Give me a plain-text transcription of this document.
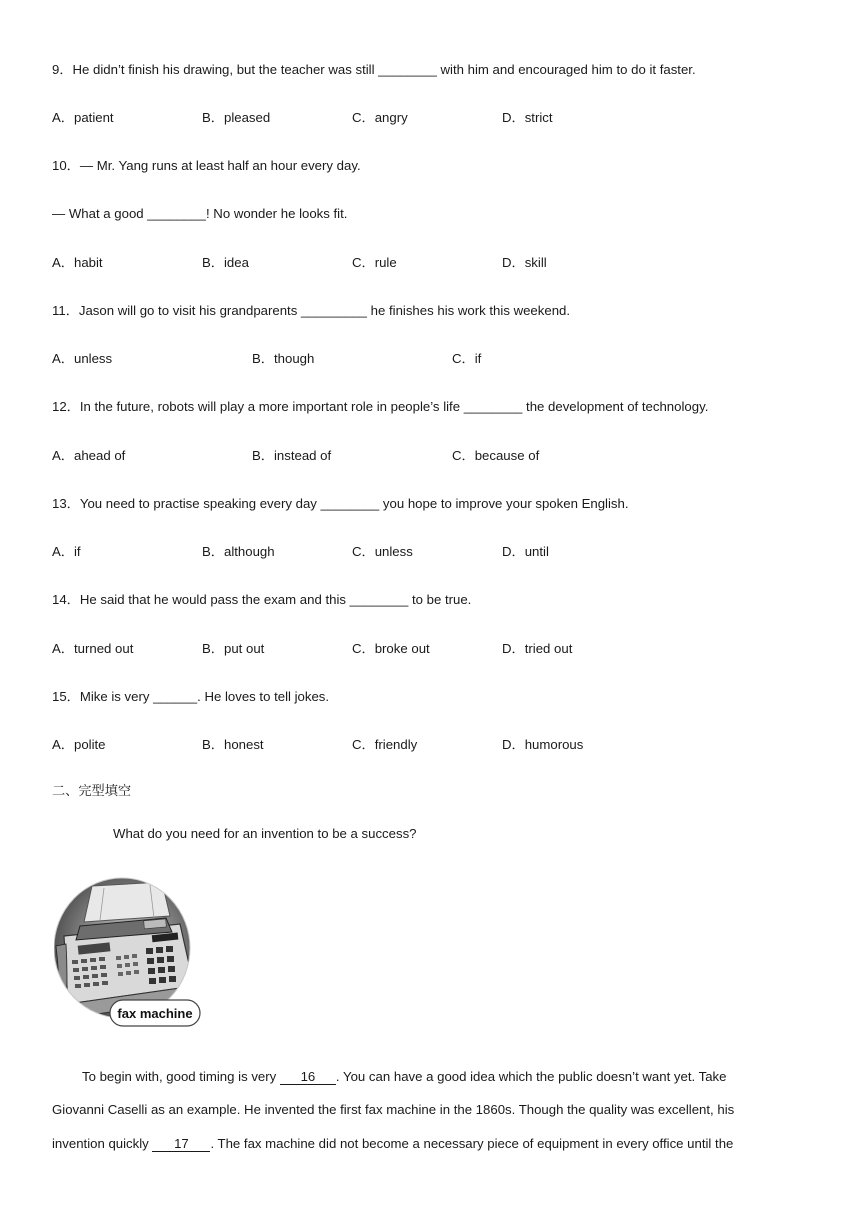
9．He didn’t finish his drawing, but the teacher was still ________ with him and encouraged him to do it faster.
A．patient	B．pleased	C．angry	D．strict
10．— Mr. Yang runs at least half an hour every day.
— What a good ________! No wonder he looks fit.
A．habit	B．idea	C．rule	D．skill
11．Jason will go to visit his grandparents _________ he finishes his work this weekend.
A．unless	B．though	C．if
12．In the future, robots will play a more important role in people’s life ________ the development of technology.
A．ahead of	B．instead of	C．because of
13．You need to practise speaking every day ________ you hope to improve your spoken English.
A．if	B．although	C．unless	D．until
14．He said that he would pass the exam and this ________ to be true.
A．turned out	B．put out	C．broke out	D．tried out
15．Mike is very ______. He loves to tell jokes.
A．polite	B．honest	C．friendly	D．humorous
二、完型填空
What do you need for an invention to be a success?
fax machine
To begin with, good timing is very 16 . You can have a good idea which the public doesn’t want yet. Take
Giovanni Caselli as an example. He invented the first fax machine in the 1860s. Though the quality was excellent, his
invention quickly 17 . The fax machine did not become a necessary piece of equipment in every office until the
